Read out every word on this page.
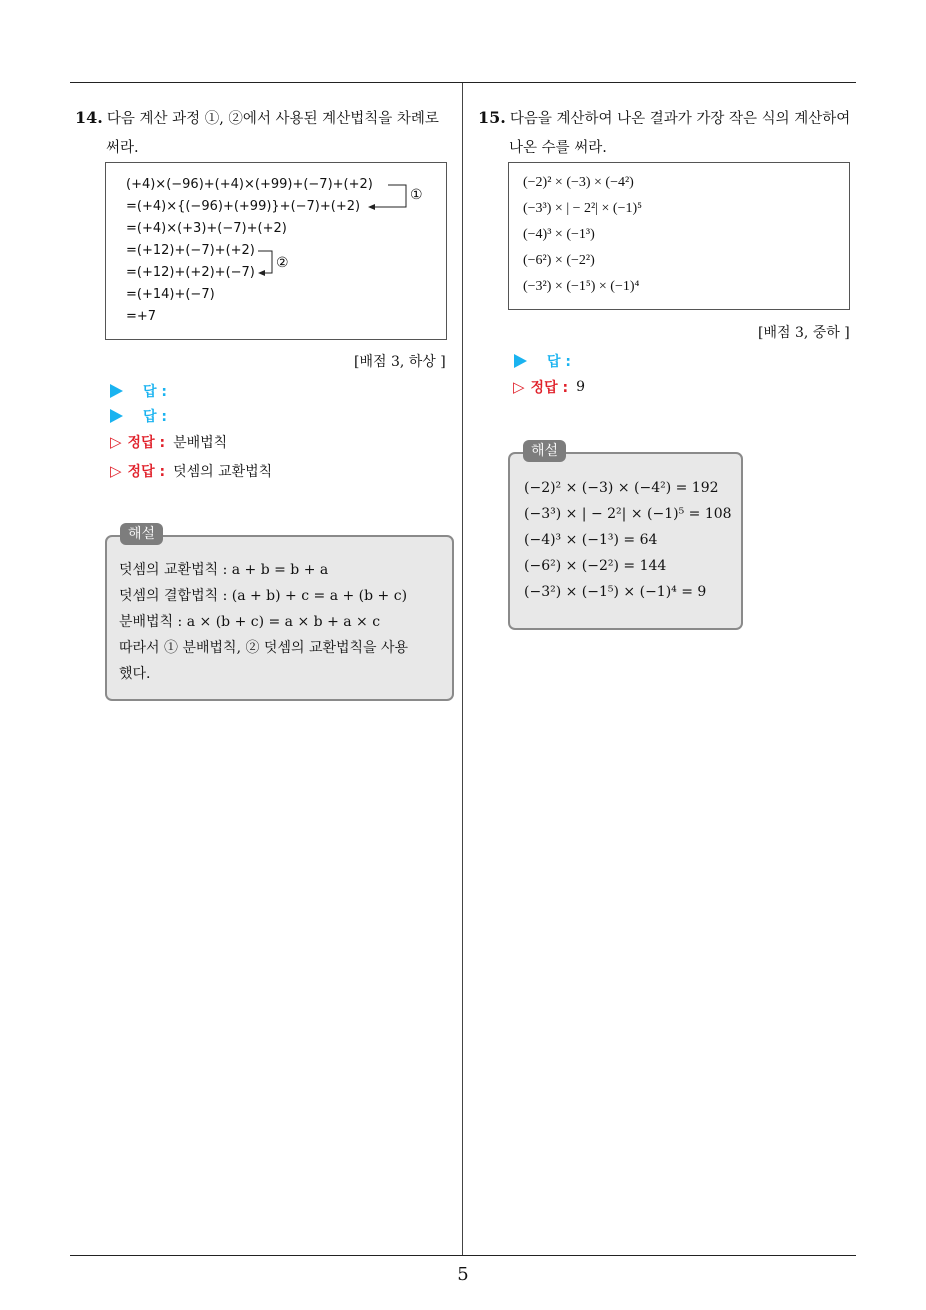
14. 다음 계산 과정 ①, ②에서 사용된 계산법칙을 차례로
써라.
(+4)×(−96)+(+4)×(+99)+(−7)+(+2)
=(+4)×{(−96)+(+99)}+(−7)+(+2)
=(+4)×(+3)+(−7)+(+2)
=(+12)+(−7)+(+2)
=(+12)+(+2)+(−7)
=(+14)+(−7)
=+7
①
②
[배점 3, 하상 ]
답 :
답 :
▷ 정답 : 분배법칙
▷ 정답 : 덧셈의 교환법칙
덧셈의 교환법칙 : a + b = b + a
덧셈의 결합법칙 : (a + b) + c = a + (b + c)
분배법칙 : a × (b + c) = a × b + a × c
따라서 ① 분배법칙, ② 덧셈의 교환법칙을 사용
했다.
해설
15. 다음을 계산하여 나온 결과가 가장 작은 식의 계산하여
나온 수를 써라.
(−2)² × (−3) × (−4²)
(−3³) × | − 2²| × (−1)⁵
(−4)³ × (−1³)
(−6²) × (−2²)
(−3²) × (−1⁵) × (−1)⁴
[배점 3, 중하 ]
답 :
▷ 정답 : 9
(−2)² × (−3) × (−4²) = 192
(−3³) × | − 2²| × (−1)⁵ = 108
(−4)³ × (−1³) = 64
(−6²) × (−2²) = 144
(−3²) × (−1⁵) × (−1)⁴ = 9
해설
5
